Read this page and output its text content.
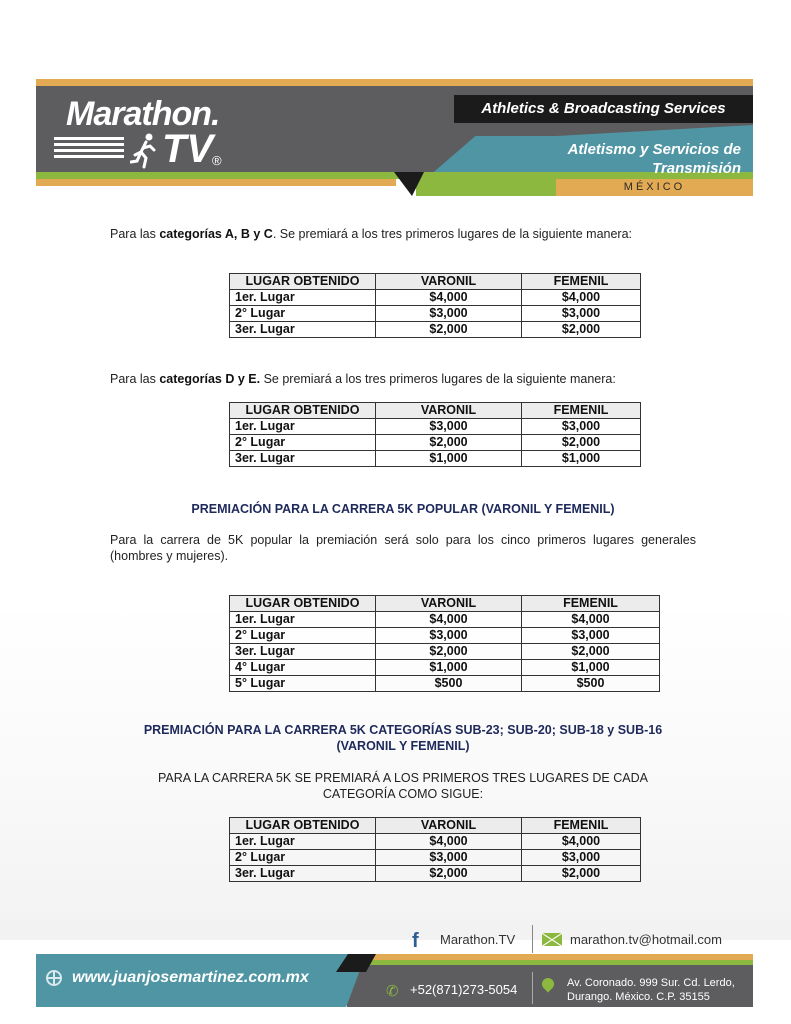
MÉXICO
Athletics & Broadcasting Services
Atletismo y Servicios de Transmisión
Marathon.
TV
®
Para las categorías A, B y C. Se premiará a los tres primeros lugares de la siguiente manera:
LUGAR OBTENIDO	VARONIL	FEMENIL
1er. Lugar	$4,000	$4,000
2° Lugar	$3,000	$3,000
3er. Lugar	$2,000	$2,000
Para las categorías D y E. Se premiará a los tres primeros lugares de la siguiente manera:
LUGAR OBTENIDO	VARONIL	FEMENIL
1er. Lugar	$3,000	$3,000
2° Lugar	$2,000	$2,000
3er. Lugar	$1,000	$1,000
PREMIACIÓN PARA LA CARRERA 5K POPULAR (VARONIL Y FEMENIL)
Para la carrera de 5K popular la premiación será solo para los cinco primeros lugares generales (hombres y mujeres).
LUGAR OBTENIDO	VARONIL	FEMENIL
1er. Lugar	$4,000	$4,000
2° Lugar	$3,000	$3,000
3er. Lugar	$2,000	$2,000
4° Lugar	$1,000	$1,000
5° Lugar	$500	$500
PREMIACIÓN PARA LA CARRERA 5K CATEGORÍAS SUB-23; SUB-20; SUB-18 y SUB-16
(VARONIL Y FEMENIL)
PARA LA CARRERA 5K SE PREMIARÁ A LOS PRIMEROS TRES LUGARES DE CADA
CATEGORÍA COMO SIGUE:
LUGAR OBTENIDO	VARONIL	FEMENIL
1er. Lugar	$4,000	$4,000
2° Lugar	$3,000	$3,000
3er. Lugar	$2,000	$2,000
f	Marathon.TV	marathon.tv@hotmail.com
www.juanjosemartinez.com.mx
✆ +52(871)273-5054	Av. Coronado. 999 Sur. Cd. Lerdo,
Durango. México. C.P. 35155
